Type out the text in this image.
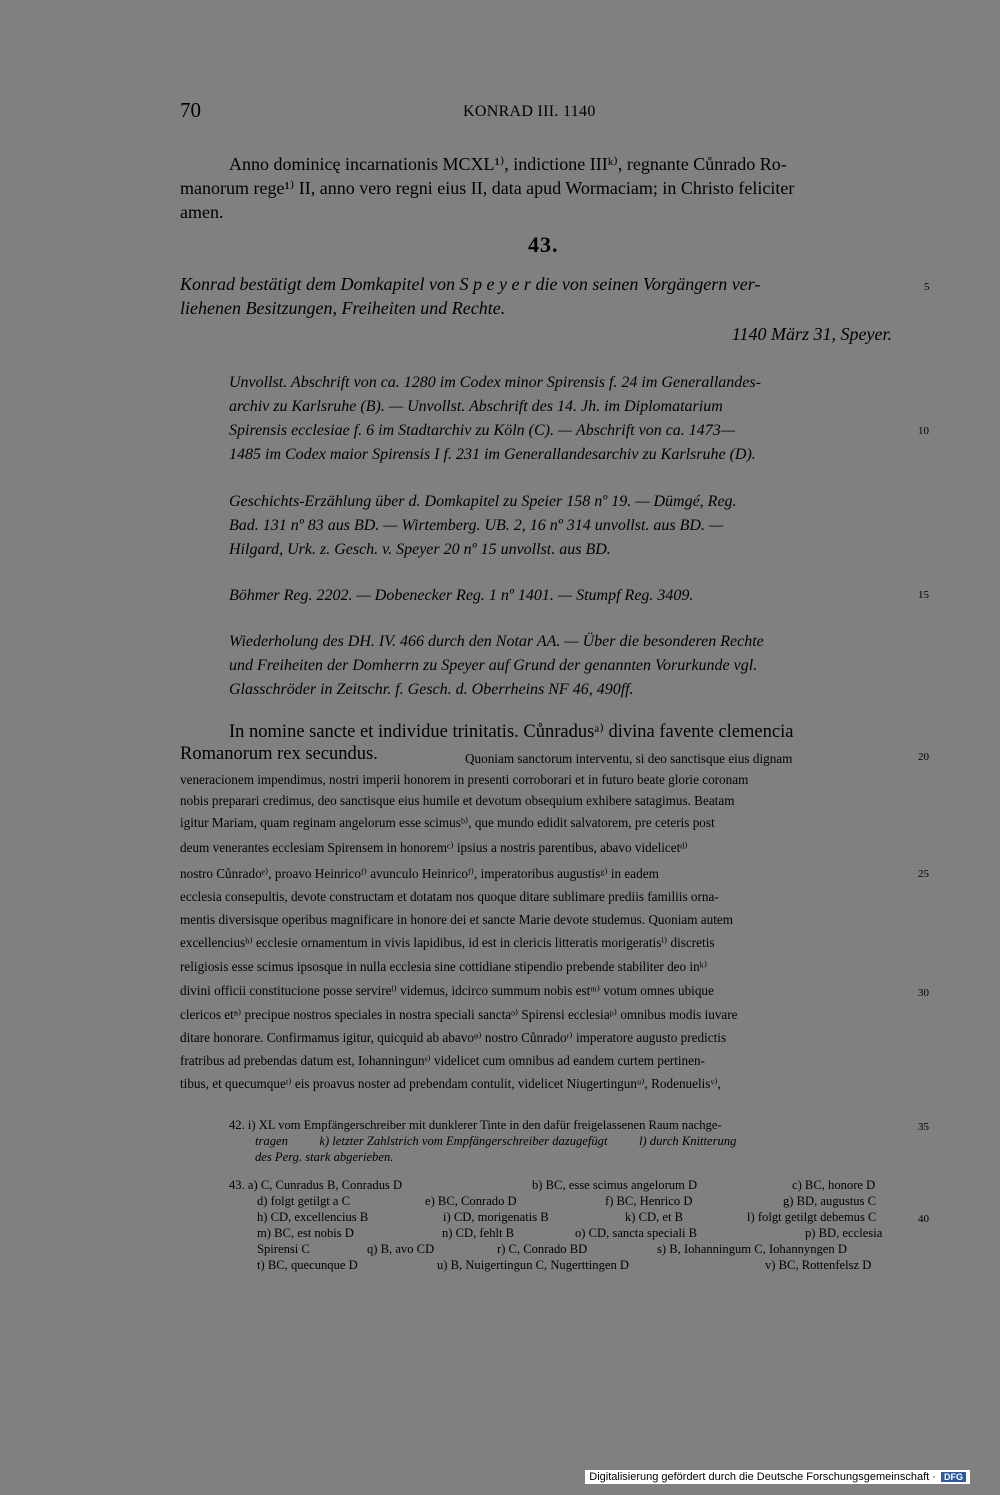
70	KONRAD III. 1140
Anno dominicę incarnationis MCXL¹⁾, indictione IIIᵏ⁾, regnante Cůnrado Ro-
manorum rege¹⁾ II, anno vero regni eius II, data apud Wormaciam; in Christo feliciter
amen.
43.
Konrad bestätigt dem Domkapitel von S p e y e r die von seinen Vorgängern ver-
liehenen Besitzungen, Freiheiten und Rechte.
1140 März 31, Speyer.
Unvollst. Abschrift von ca. 1280 im Codex minor Spirensis f. 24 im Generallandes-
archiv zu Karlsruhe (B). — Unvollst. Abschrift des 14. Jh. im Diplomatarium
Spirensis ecclesiae f. 6 im Stadtarchiv zu Köln (C). — Abschrift von ca. 1473—
1485 im Codex maior Spirensis I f. 231 im Generallandesarchiv zu Karlsruhe (D).
Geschichts-Erzählung über d. Domkapitel zu Speier 158 nº 19. — Dümgé, Reg.
Bad. 131 nº 83 aus BD. — Wirtemberg. UB. 2, 16 nº 314 unvollst. aus BD. —
Hilgard, Urk. z. Gesch. v. Speyer 20 nº 15 unvollst. aus BD.
Böhmer Reg. 2202. — Dobenecker Reg. 1 nº 1401. — Stumpf Reg. 3409.
Wiederholung des DH. IV. 466 durch den Notar AA. — Über die besonderen Rechte
und Freiheiten der Domherrn zu Speyer auf Grund der genannten Vorurkunde vgl.
Glasschröder in Zeitschr. f. Gesch. d. Oberrheins NF 46, 490ff.
5
10
15
20
25
30
35
40
In nomine sancte et individue trinitatis. Cůnradusᵃ⁾ divina favente clemencia
Romanorum rex secundus.	Quoniam sanctorum interventu, si deo sanctisque eius dignam
veneracionem impendimus, nostri imperii honorem in presenti corroborari et in futuro beate glorie coronam
nobis preparari credimus, deo sanctisque eius humile et devotum obsequium exhibere satagimus. Beatam
igitur Mariam, quam reginam angelorum esse scimusᵇ⁾, que mundo edidit salvatorem, pre ceteris post
deum venerantes ecclesiam Spirensem in honoremᶜ⁾ ipsius a nostris parentibus, abavo videlicetᵈ⁾
nostro Cůnradoᵉ⁾, proavo Heinricoᶠ⁾ avunculo Heinricoᶠ⁾, imperatoribus augustisᵍ⁾ in eadem
ecclesia consepultis, devote constructam et dotatam nos quoque ditare sublimare prediis familiis orna-
mentis diversisque operibus magnificare in honore dei et sancte Marie devote studemus. Quoniam autem
excellenciusʰ⁾ ecclesie ornamentum in vivis lapidibus, id est in clericis litteratis morigeratisⁱ⁾ discretis
religiosis esse scimus ipsosque in nulla ecclesia sine cottidiane stipendio prebende stabiliter deo inᵏ⁾
divini officii constitucione posse servireˡ⁾ videmus, idcirco summum nobis estᵐ⁾ votum omnes ubique
clericos etⁿ⁾ precipue nostros speciales in nostra speciali sanctaᵒ⁾ Spirensi ecclesiaᵖ⁾ omnibus modis iuvare
ditare honorare. Confirmamus igitur, quicquid ab abavoᵠ⁾ nostro Cůnradoʳ⁾ imperatore augusto predictis
fratribus ad prebendas datum est, Iohanningunˢ⁾ videlicet cum omnibus ad eandem curtem pertinen-
tibus, et quecumqueᵗ⁾ eis proavus noster ad prebendam contulit, videlicet Niugertingunᵘ⁾, Rodenuelisᵛ⁾,
42. i) XL vom Empfängerschreiber mit dunklerer Tinte in den dafür freigelassenen Raum nachge-
tragen          k) letzter Zahlstrich vom Empfängerschreiber dazugefügt          l) durch Knitterung
des Perg. stark abgerieben.
43. a) C, Cunradus B, Conradus D	b) BC, esse scimus angelorum D	c) BC, honore D
d) folgt getilgt a C	e) BC, Conrado D	f) BC, Henrico D	g) BD, augustus C
h) CD, excellencius B	i) CD, morigenatis B	k) CD, et B	l) folgt getilgt debemus C
m) BC, est nobis D	n) CD, fehlt B	o) CD, sancta speciali B	p) BD, ecclesia
Spirensi C	q) B, avo CD	r) C, Conrado BD	s) B, Iohanningum C, Iohannyngen D
t) BC, quecunque D	u) B, Nuigertingun C, Nugerttingen D	v) BC, Rottenfelsz D
Digitalisierung gefördert durch die Deutsche Forschungsgemeinschaft · DFG
